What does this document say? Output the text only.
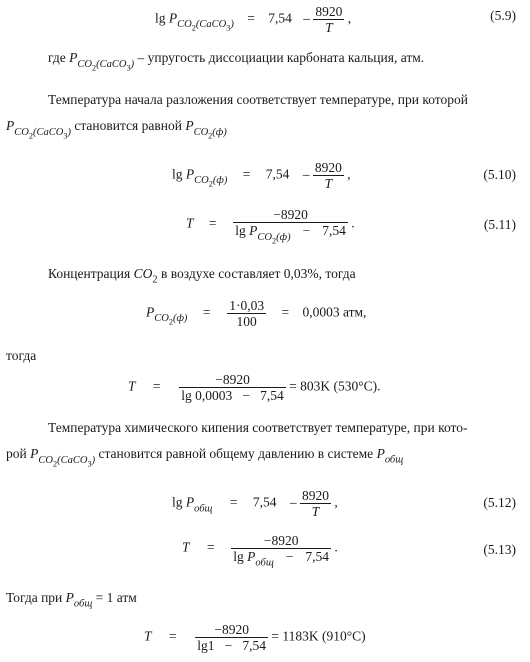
$\lg P_{CO_2(CaCO_3)} = 7,54 - \frac{8920}{T}$ ,	(5.9)
где $P_{CO_2(CaCO_3)}$ – упругость диссоциации карбоната кальция, атм.
Температура начала разложения соответствует температуре, при которой
$P_{CO_2(CaCO_3)}$ становится равной $P_{CO_2(ф)}$
$\lg P_{CO_2(ф)} = 7,54 - \frac{8920}{T}$ ,	(5.10)
$T = \frac{-8920}{\lg P_{CO_2(ф)} - 7,54}$ .	(5.11)
Концентрация $CO_2$ в воздухе составляет 0,03%, тогда
$P_{CO_2(ф)} = \frac{1\cdot 0,03}{100} = 0,0003$ атм,
тогда
$T = \frac{-8920}{\lg 0,0003 - 7,54} = 803K$ (530°C).
Температура химического кипения соответствует температуре, при кото-
рой $P_{CO_2(CaCO_3)}$ становится равной общему давлению в системе $P_{общ}$
$\lg P_{общ} = 7,54 - \frac{8920}{T}$ ,	(5.12)
$T = \frac{-8920}{\lg P_{общ} - 7,54}$ .	(5.13)
Тогда при $P_{общ} = 1$ атм
$T = \frac{-8920}{\lg 1 - 7,54} = 1183K$ (910°C)
